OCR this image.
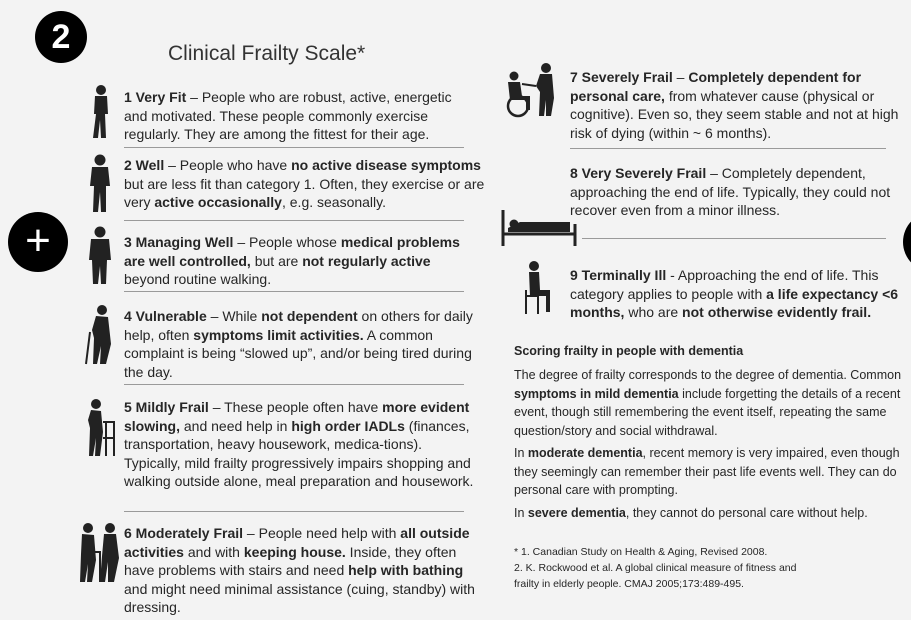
2
+
Clinical Frailty Scale*
1 Very Fit – People who are robust, active, energetic and motivated. These people commonly exercise regularly. They are among the fittest for their age.
2 Well – People who have no active disease symptoms but are less fit than category 1. Often, they exercise or are very active occasionally, e.g. seasonally.
3 Managing Well – People whose medical problems are well controlled, but are not regularly active beyond routine walking.
4 Vulnerable – While not dependent on others for daily help, often symptoms limit activities. A common complaint is being “slowed up”, and/or being tired during the day.
5 Mildly Frail – These people often have more evident slowing, and need help in high order IADLs (finances, transportation, heavy housework, medica-tions). Typically, mild frailty progressively impairs shopping and walking outside alone, meal preparation and housework.
6 Moderately Frail – People need help with all outside activities and with keeping house. Inside, they often have problems with stairs and need help with bathing and might need minimal assistance (cuing, standby) with dressing.
7 Severely Frail – Completely dependent for personal care, from whatever cause (physical or cognitive). Even so, they seem stable and not at high risk of dying (within ~ 6 months).
8 Very Severely Frail – Completely dependent, approaching the end of life. Typically, they could not recover even from a minor illness.
9 Terminally Ill - Approaching the end of life. This category applies to people with a life expectancy <6 months, who are not otherwise evidently frail.
Scoring frailty in people with dementia
The degree of frailty corresponds to the degree of dementia. Common symptoms in mild dementia include forgetting the details of a recent event, though still remembering the event itself, repeating the same question/story and social withdrawal.
In moderate dementia, recent memory is very impaired, even though they seemingly can remember their past life events well. They can do personal care with prompting.
In severe dementia, they cannot do personal care without help.
* 1. Canadian Study on Health & Aging, Revised 2008.
2. K. Rockwood et al. A global clinical measure of fitness and
frailty in elderly people. CMAJ 2005;173:489-495.
